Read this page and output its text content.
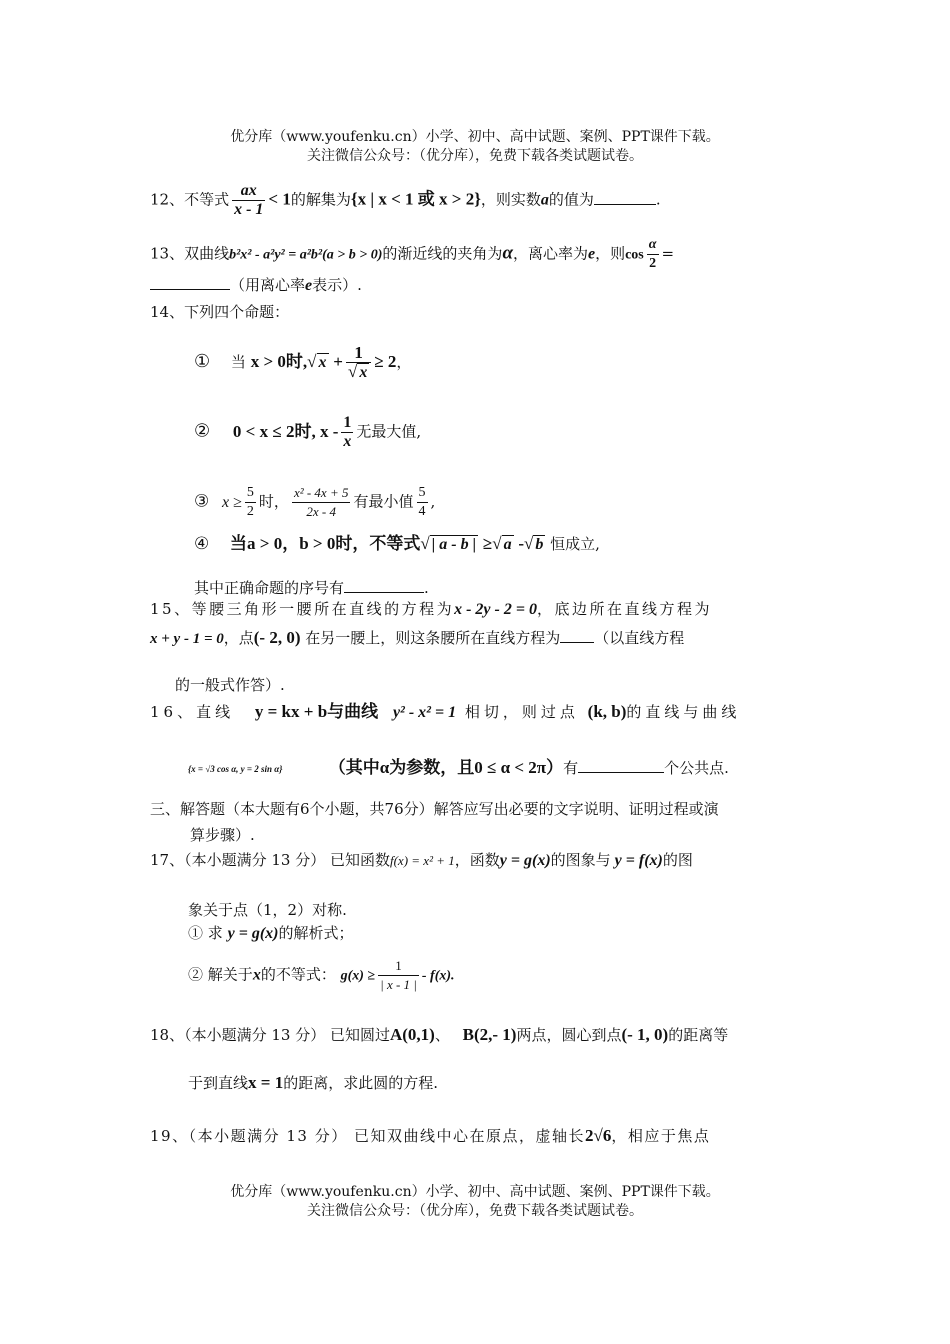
优分库（www.youfenku.cn）小学、初中、高中试题、案例、PPT课件下载。
关注微信公众号：（优分库），免费下载各类试题试卷。
12、不等式 $\frac{ax}{x - 1} < 1$的解集为{x | x < 1 或 x > 2}，则实数a的值为	.
13、双曲线b²x² - a²y² = a²b²(a > b > 0)的渐近线的夹角为α，离心率为e，则$\cos \frac{\alpha}{2}$ =
（用离心率e表示）.
14、下列四个命题：
① 当 x > 0时,√ $x + \frac{1}{√ x} \ge 2$，
② 0 < x ≤ 2时, x - $\frac{1}{x}$ 无最大值,
③ $x \ge \frac{5}{2}$ 时， $\frac{\text{x² - 4x + 5}}{2x - 4}$ 有最小值 $\frac{5}{4}$ ,
④ 当a > 0，b > 0时，不等式√ | a - b | ≥√ a -√ b 恒成立,
其中正确命题的序号有	.
15、等腰三角形一腰所在直线的方程为x - 2y - 2 = 0，底边所在直线方程为
x + y - 1 = 0，点(- 2, 0) 在另一腰上，则这条腰所在直线方程为 （以直线方程
的一般式作答）.
16、直线 y = kx + b与曲线 y² - x² = 1 相切，则过点 (k, b)的直线与曲线
{x = √3 cos α, y = 2 sin α}	（其中α为参数，且0 ≤ α < 2π）有	个公共点.
三、解答题（本大题有6个小题，共76分）解答应写出必要的文字说明、证明过程或演
算步骤）.
17、（本小题满分 13 分） 已知函数f(x) = x² + 1，函数y = g(x)的图象与 y = f(x)的图
象关于点（1，2）对称.
① 求 y = g(x)的解析式；
② 解关于x的不等式： $g(x) \ge \frac{1}{| x - 1 |} - f(x)$.
18、（本小题满分 13 分） 已知圆过A(0,1)、 B(2,- 1)两点，圆心到点(- 1, 0)的距离等
于到直线x = 1的距离，求此圆的方程.
19、（本小题满分 13 分） 已知双曲线中心在原点，虚轴长2√6，相应于焦点
优分库（www.youfenku.cn）小学、初中、高中试题、案例、PPT课件下载。
关注微信公众号：（优分库），免费下载各类试题试卷。
